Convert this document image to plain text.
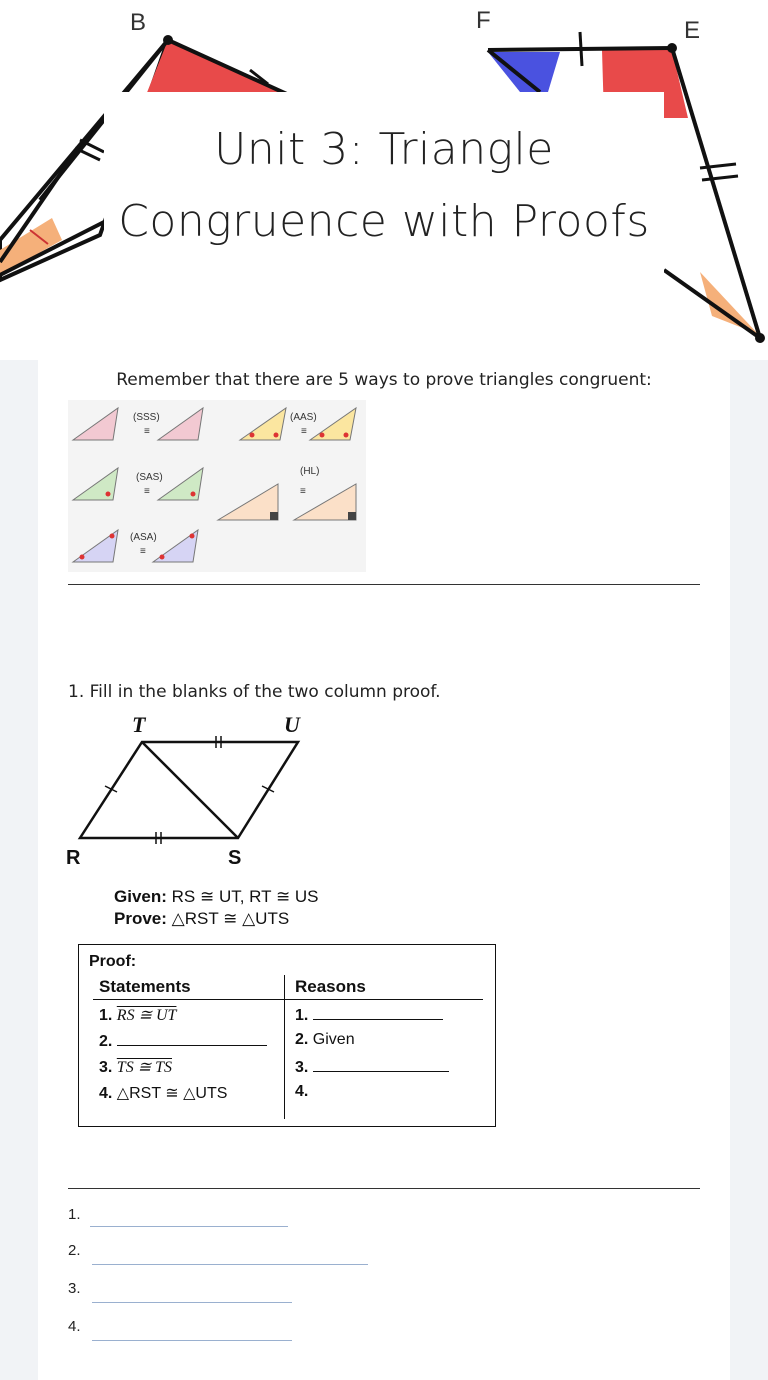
B	F	E
Unit 3: Triangle
Congruence with Proofs
Remember that there are 5 ways to prove triangles congruent:
(SSS)
≡
(AAS)
≡
(SAS)
≡
(HL)
≡
(ASA)
≡
1. Fill in the blanks of the two column proof.
T	U
R	S
Given: RS ≅ UT, RT ≅ US
Prove: △RST ≅ △UTS
Proof:
Statements	Reasons
1. RS ≅ UT	1.
2.	2. Given
3. TS ≅ TS	3.
4. △RST ≅ △UTS	4.
1.
2.
3.
4.
